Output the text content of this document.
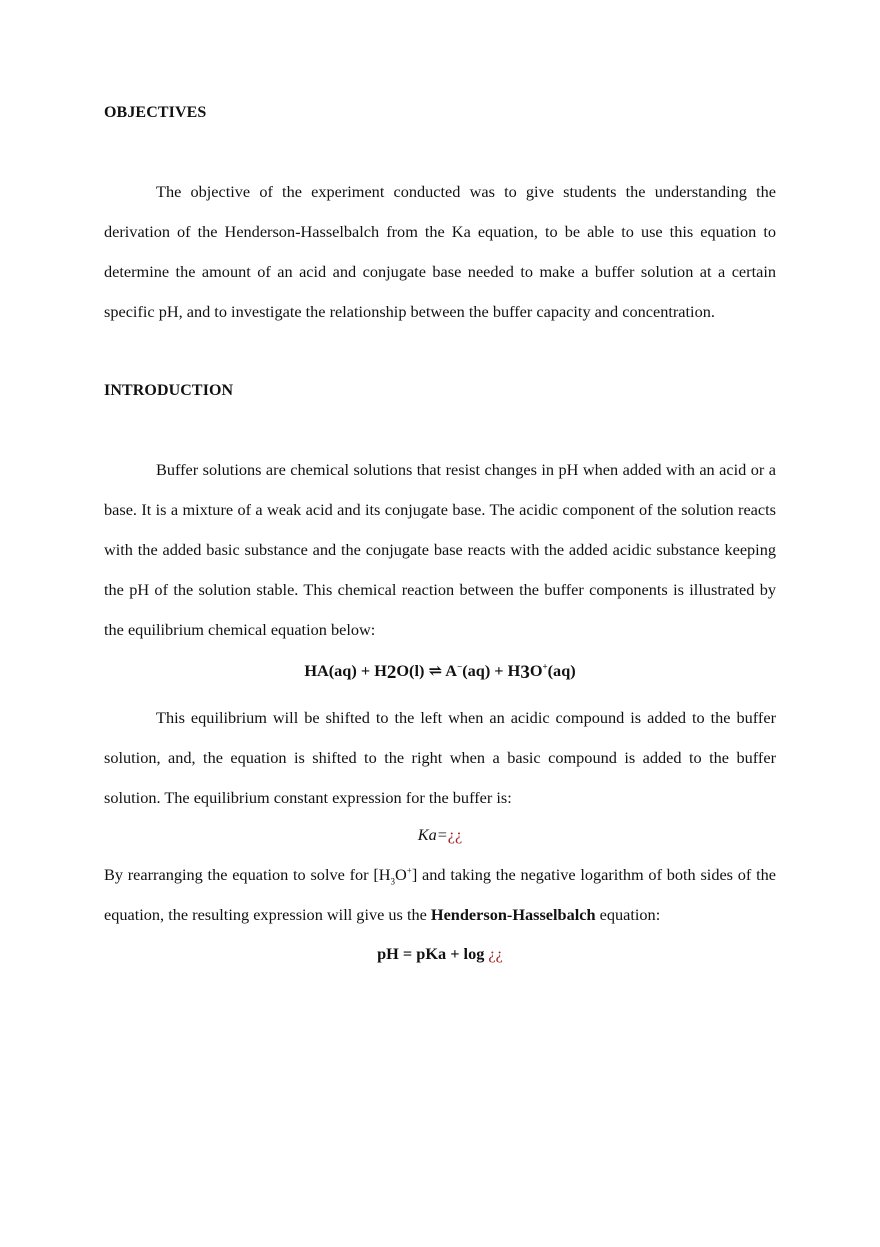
OBJECTIVES

The objective of the experiment conducted was to give students the understanding the derivation of the Henderson-Hasselbalch from the Ka equation, to be able to use this equation to determine the amount of an acid and conjugate base needed to make a buffer solution at a certain specific pH, and to investigate the relationship between the buffer capacity and concentration.

INTRODUCTION

Buffer solutions are chemical solutions that resist changes in pH when added with an acid or a base. It is a mixture of a weak acid and its conjugate base. The acidic component of the solution reacts with the added basic substance and the conjugate base reacts with the added acidic substance keeping the pH of the solution stable. This chemical reaction between the buffer components is illustrated by the equilibrium chemical equation below:

HA(aq) + H2O(l) ⇌ A−(aq) + H3O+(aq)

This equilibrium will be shifted to the left when an acidic compound is added to the buffer solution, and, the equation is shifted to the right when a basic compound is added to the buffer solution. The equilibrium constant expression for the buffer is:

Ka=¿¿

By rearranging the equation to solve for $[H_3O^+]$ and taking the negative logarithm of both sides of the equation, the resulting expression will give us the Henderson-Hasselbalch equation:

pH = pKa + log ¿¿
